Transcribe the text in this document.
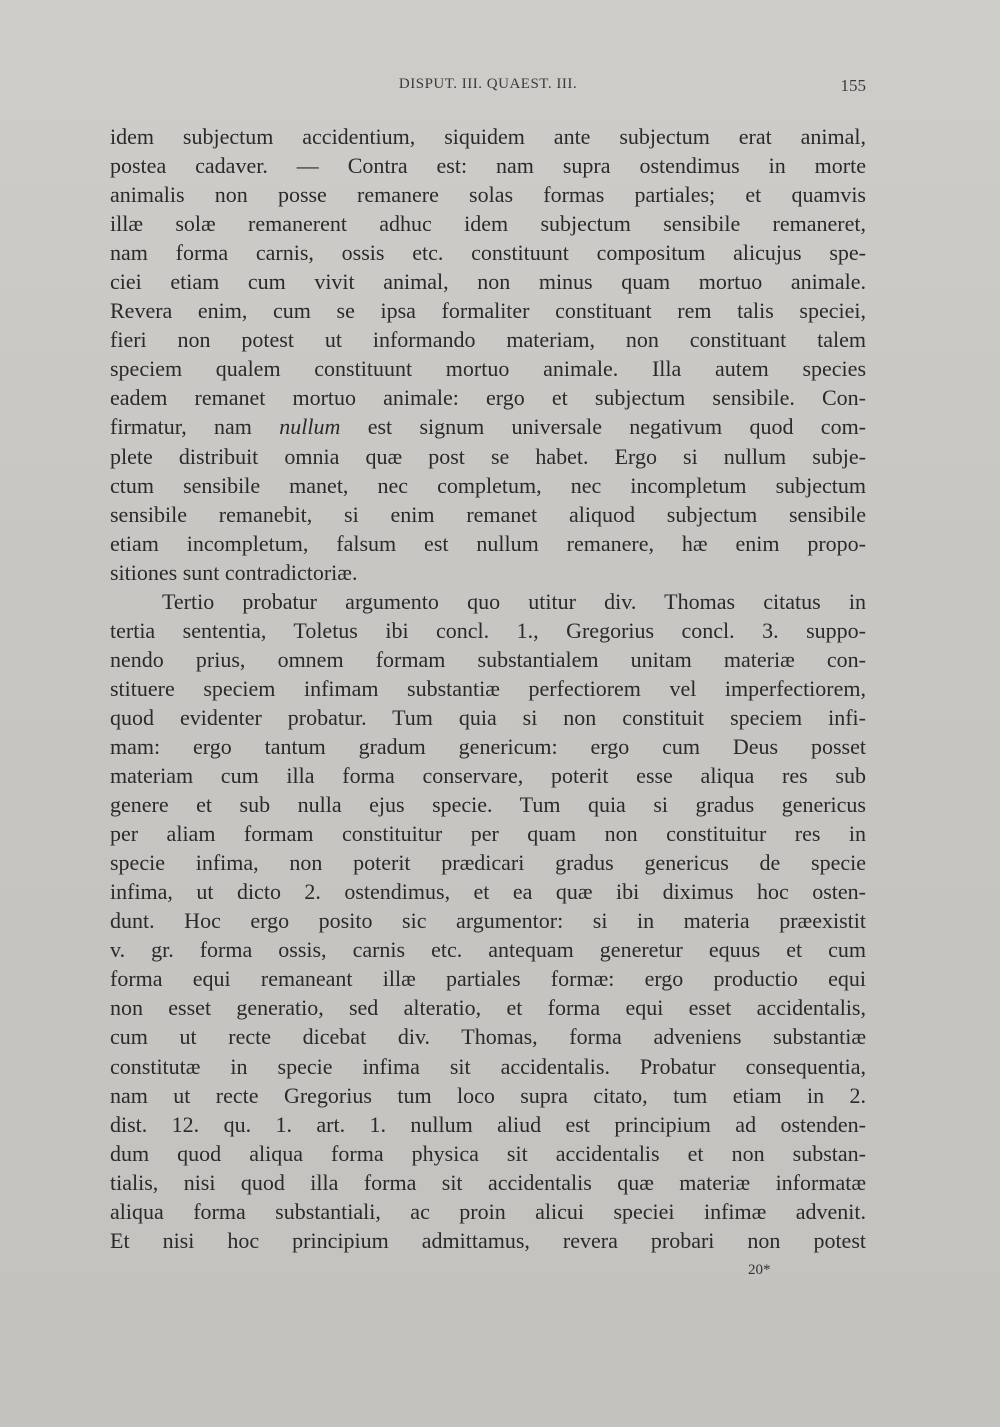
DISPUT. III. QUAEST. III.	155
idem subjectum accidentium, siquidem ante subjectum erat animal,
postea cadaver. — Contra est: nam supra ostendimus in morte
animalis non posse remanere solas formas partiales; et quamvis
illæ solæ remanerent adhuc idem subjectum sensibile remaneret,
nam forma carnis, ossis etc. constituunt compositum alicujus spe-
ciei etiam cum vivit animal, non minus quam mortuo animale.
Revera enim, cum se ipsa formaliter constituant rem talis speciei,
fieri non potest ut informando materiam, non constituant talem
speciem qualem constituunt mortuo animale. Illa autem species
eadem remanet mortuo animale: ergo et subjectum sensibile. Con-
firmatur, nam nullum est signum universale negativum quod com-
plete distribuit omnia quæ post se habet. Ergo si nullum subje-
ctum sensibile manet, nec completum, nec incompletum subjectum
sensibile remanebit, si enim remanet aliquod subjectum sensibile
etiam incompletum, falsum est nullum remanere, hæ enim propo-
sitiones sunt contradictoriæ.
Tertio probatur argumento quo utitur div. Thomas citatus in
tertia sententia, Toletus ibi concl. 1., Gregorius concl. 3. suppo-
nendo prius, omnem formam substantialem unitam materiæ con-
stituere speciem infimam substantiæ perfectiorem vel imperfectiorem,
quod evidenter probatur. Tum quia si non constituit speciem infi-
mam: ergo tantum gradum genericum: ergo cum Deus posset
materiam cum illa forma conservare, poterit esse aliqua res sub
genere et sub nulla ejus specie. Tum quia si gradus genericus
per aliam formam constituitur per quam non constituitur res in
specie infima, non poterit prædicari gradus genericus de specie
infima, ut dicto 2. ostendimus, et ea quæ ibi diximus hoc osten-
dunt. Hoc ergo posito sic argumentor: si in materia præexistit
v. gr. forma ossis, carnis etc. antequam generetur equus et cum
forma equi remaneant illæ partiales formæ: ergo productio equi
non esset generatio, sed alteratio, et forma equi esset accidentalis,
cum ut recte dicebat div. Thomas, forma adveniens substantiæ
constitutæ in specie infima sit accidentalis. Probatur consequentia,
nam ut recte Gregorius tum loco supra citato, tum etiam in 2.
dist. 12. qu. 1. art. 1. nullum aliud est principium ad ostenden-
dum quod aliqua forma physica sit accidentalis et non substan-
tialis, nisi quod illa forma sit accidentalis quæ materiæ informatæ
aliqua forma substantiali, ac proin alicui speciei infimæ advenit.
Et nisi hoc principium admittamus, revera probari non potest
20*
